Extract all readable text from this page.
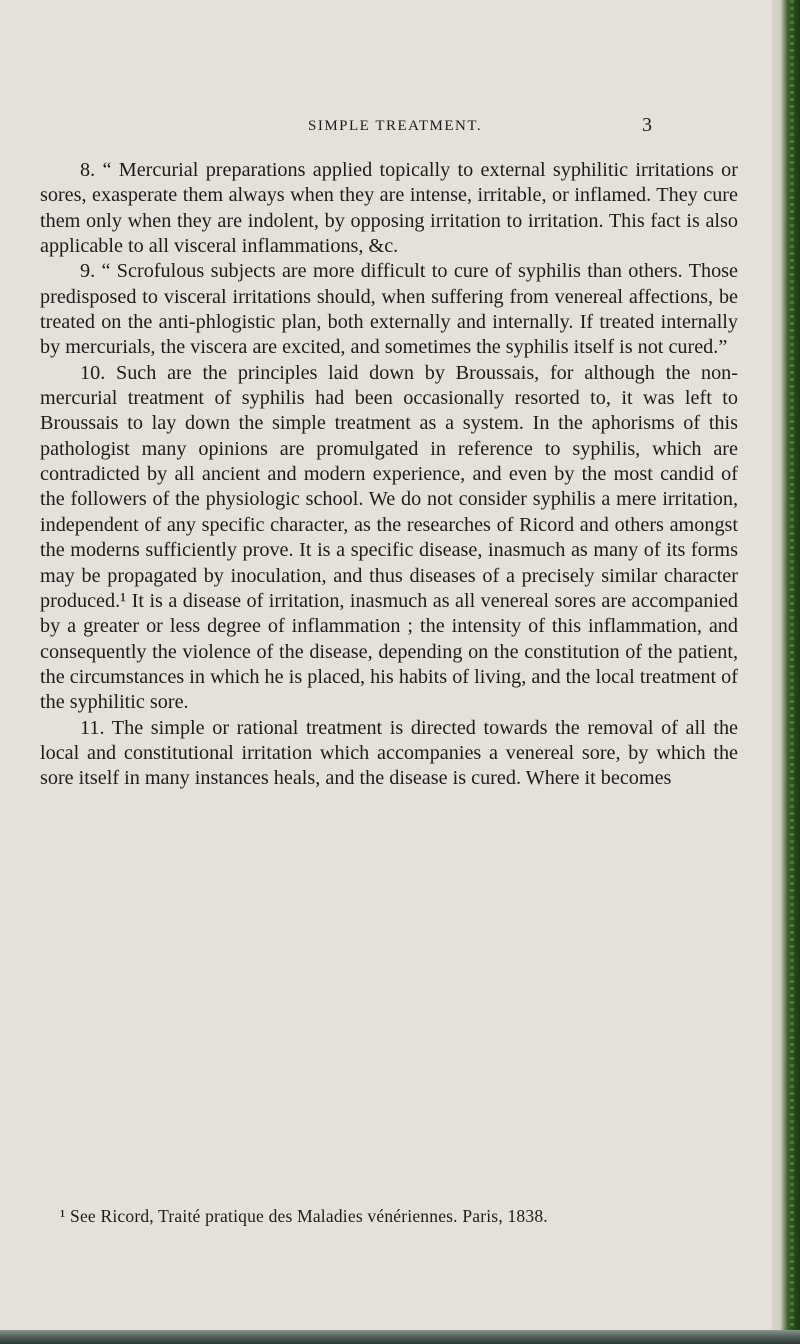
SIMPLE TREATMENT.	3

8. “ Mercurial preparations applied topically to external syphilitic irritations or sores, exasperate them always when they are intense, irritable, or inflamed. They cure them only when they are indolent, by opposing irritation to irritation. This fact is also applicable to all visceral inflammations, &c.

9. “ Scrofulous subjects are more difficult to cure of syphilis than others. Those predisposed to visceral irritations should, when suffering from venereal affections, be treated on the anti-phlogistic plan, both externally and internally. If treated internally by mercurials, the viscera are excited, and sometimes the syphilis itself is not cured.”

10. Such are the principles laid down by Broussais, for although the non-mercurial treatment of syphilis had been occasionally resorted to, it was left to Broussais to lay down the simple treatment as a system. In the aphorisms of this pathologist many opinions are promulgated in reference to syphilis, which are contradicted by all ancient and modern experience, and even by the most candid of the followers of the physiologic school. We do not consider syphilis a mere irritation, independent of any specific character, as the researches of Ricord and others amongst the moderns sufficiently prove. It is a specific disease, inasmuch as many of its forms may be propagated by inoculation, and thus diseases of a precisely similar character produced.¹ It is a disease of irritation, inasmuch as all venereal sores are accompanied by a greater or less degree of inflammation ; the intensity of this inflammation, and consequently the violence of the disease, depending on the constitution of the patient, the circumstances in which he is placed, his habits of living, and the local treatment of the syphilitic sore.

11. The simple or rational treatment is directed towards the removal of all the local and constitutional irritation which accompanies a venereal sore, by which the sore itself in many instances heals, and the disease is cured. Where it becomes

¹ See Ricord, Traité pratique des Maladies vénériennes. Paris, 1838.
